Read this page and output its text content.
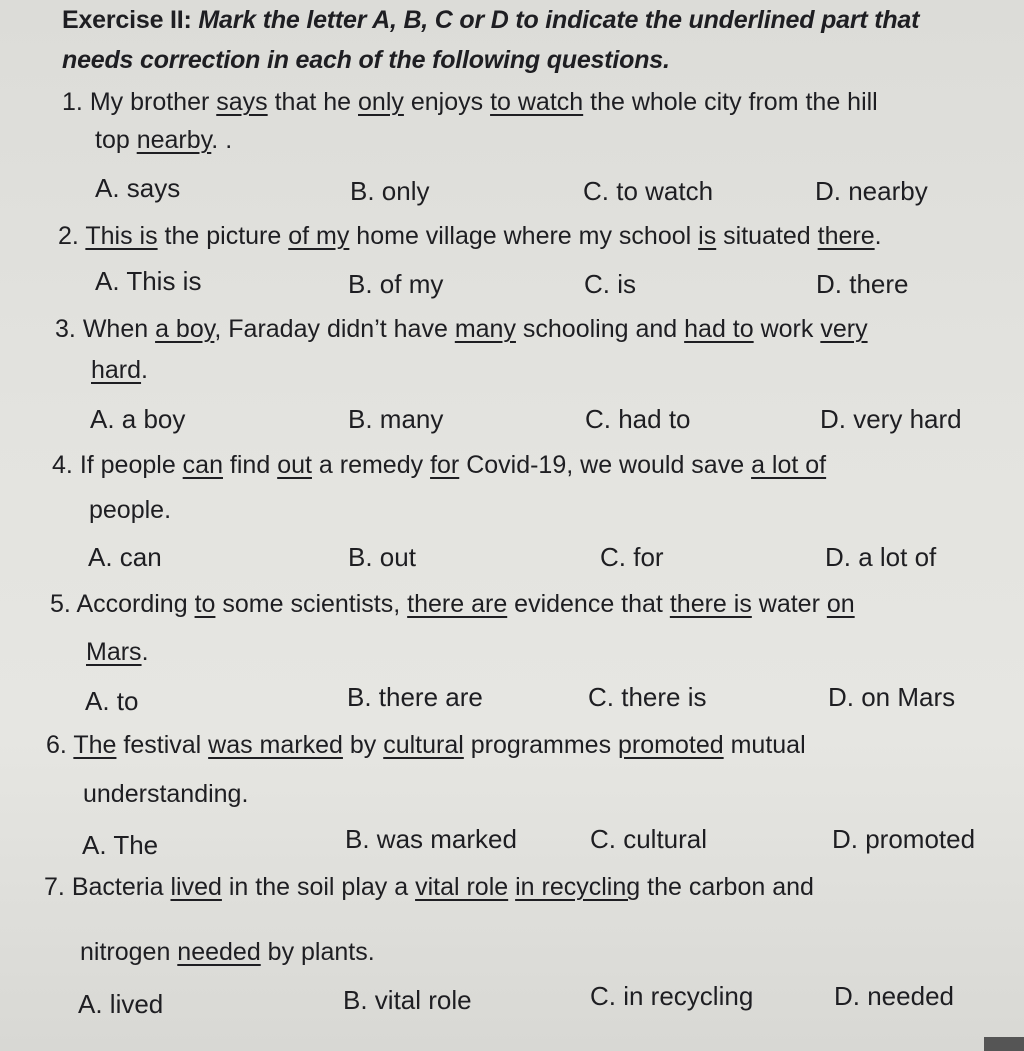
Exercise II: Mark the letter A, B, C or D to indicate the underlined part that
needs correction in each of the following questions.
1. My brother says that he only enjoys to watch the whole city from the hill
top nearby. .
A. says	B. only	C. to watch	D. nearby
2. This is the picture of my home village where my school is situated there.
A. This is	B. of my	C. is	D. there
3. When a boy, Faraday didn’t have many schooling and had to work very
hard.
A. a boy	B. many	C. had to	D. very hard
4. If people can find out a remedy for Covid-19, we would save a lot of
people.
A. can	B. out	C. for	D. a lot of
5. According to some scientists, there are evidence that there is water on
Mars.
A. to	B. there are	C. there is	D. on Mars
6. The festival was marked by cultural programmes promoted mutual
understanding.
A. The	B. was marked	C. cultural	D. promoted
7. Bacteria lived in the soil play a vital role in recycling the carbon and
nitrogen needed by plants.
A. lived	B. vital role	C. in recycling	D. needed
